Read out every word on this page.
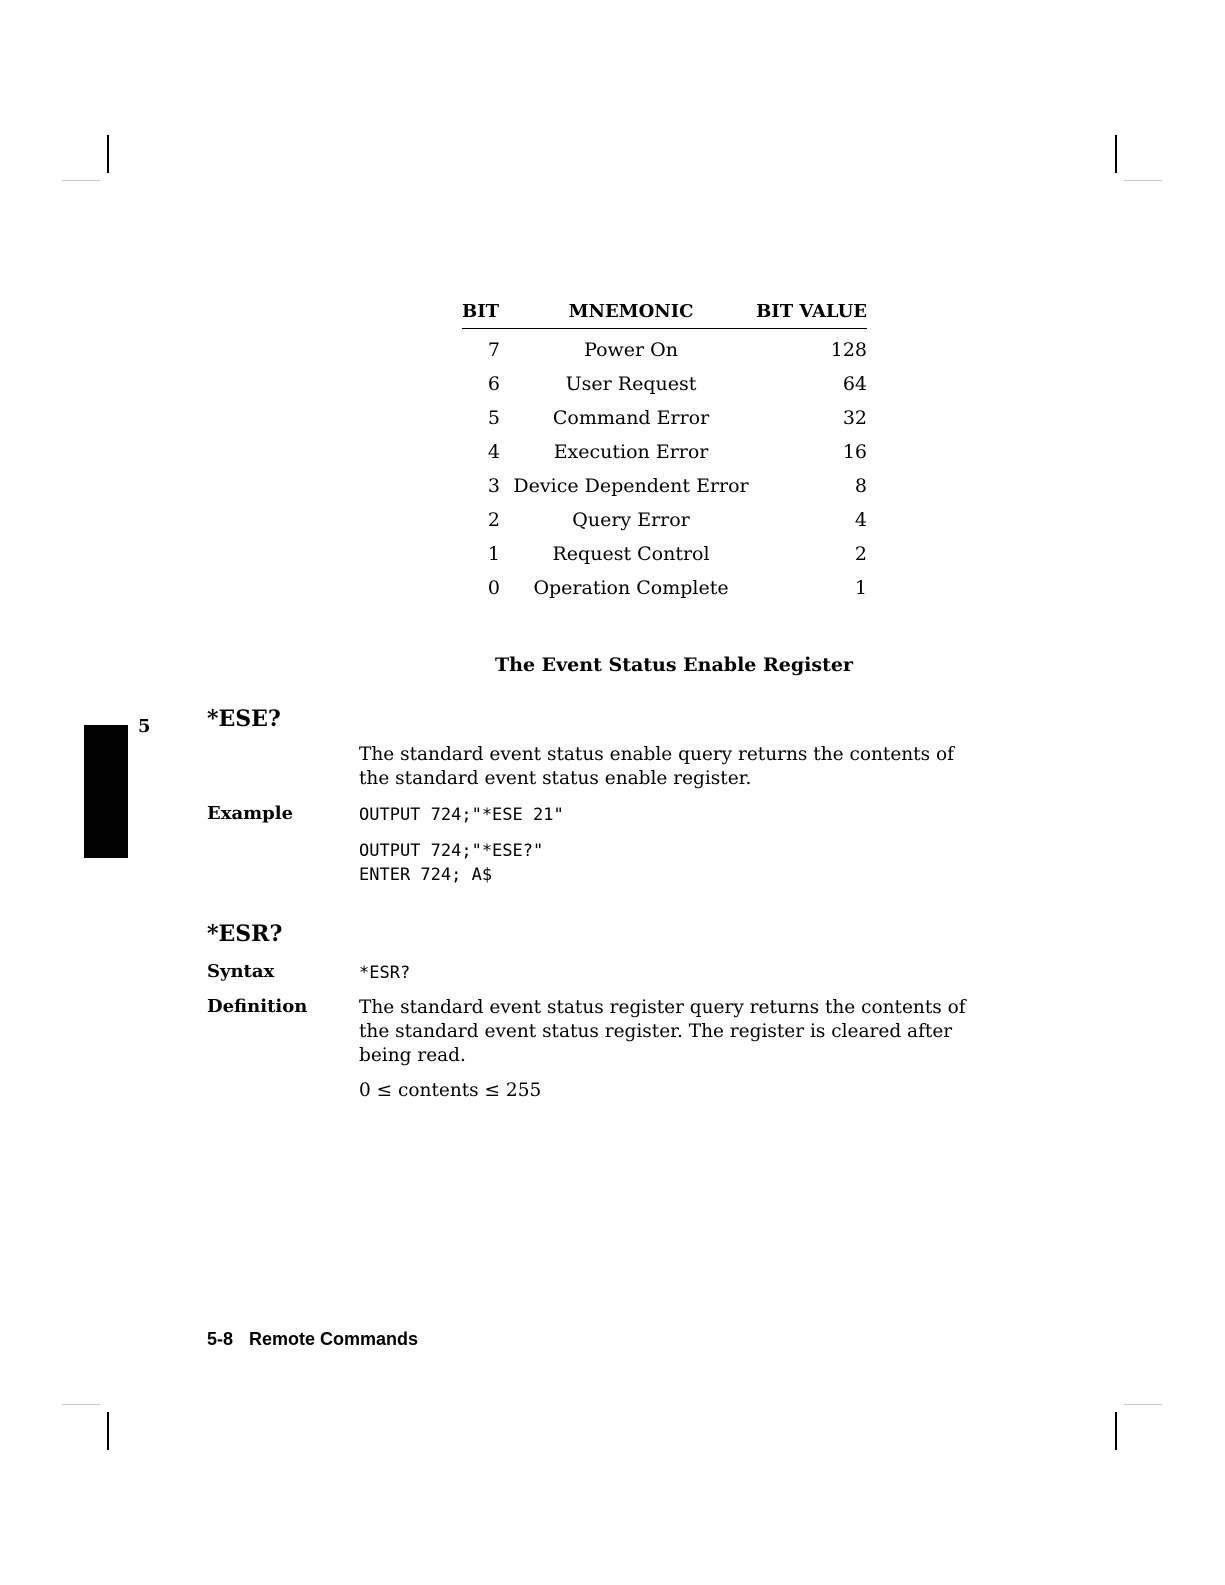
5
BIT	MNEMONIC	BIT VALUE
7	Power On	128
6	User Request	64
5	Command Error	32
4	Execution Error	16
3	Device Dependent Error	8
2	Query Error	4
1	Request Control	2
0	Operation Complete	1
The Event Status Enable Register
*ESE?
The standard event status enable query returns the contents of the standard event status enable register.
Example	OUTPUT 724;"*ESE 21"
OUTPUT 724;"*ESE?"
ENTER 724; A$
*ESR?
Syntax	*ESR?
Definition	The standard event status register query returns the contents of the standard event status register. The register is cleared after being read.
0 ≤ contents ≤ 255
5-8 Remote Commands
